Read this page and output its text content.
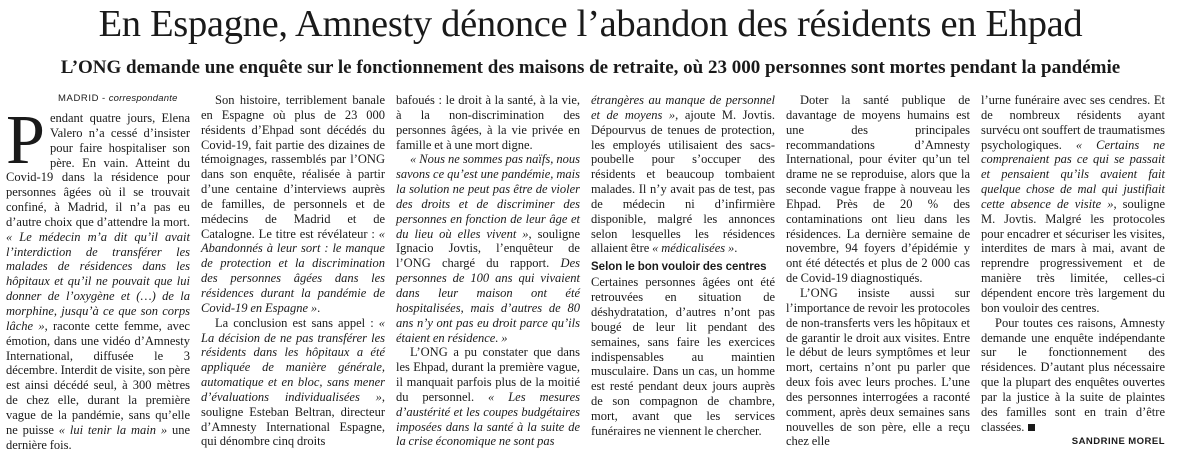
En Espagne, Amnesty dénonce l’abandon des résidents en Ehpad
L’ONG demande une enquête sur le fonctionnement des maisons de retraite, où 23 000 personnes sont mortes pendant la pandémie
MADRID - correspondante

Pendant quatre jours, Elena Valero n’a cessé d’insister pour faire hospitaliser son père. En vain. Atteint du Covid-19 dans la résidence pour personnes âgées où il se trouvait confiné, à Madrid, il n’a pas eu d’autre choix que d’attendre la mort. « Le médecin m’a dit qu’il avait l’interdiction de transférer les malades de résidences dans les hôpitaux et qu’il ne pouvait que lui donner de l’oxygène et (…) de la morphine, jusqu’à ce que son corps lâche », raconte cette femme, avec émotion, dans une vidéo d’Amnesty International, diffusée le 3 décembre. Interdit de visite, son père est ainsi décédé seul, à 300 mètres de chez elle, durant la première vague de la pandémie, sans qu’elle ne puisse « lui tenir la main » une dernière fois.

Son histoire, terriblement banale en Espagne où plus de 23 000 résidents d’Ehpad sont décédés du Covid-19, fait partie des dizaines de témoignages, rassemblés par l’ONG dans son enquête, réalisée à partir d’une centaine d’interviews auprès de familles, de personnels et de médecins de Madrid et de Catalogne. Le titre est révélateur : « Abandonnés à leur sort : le manque de protection et la discrimination des personnes âgées dans les résidences durant la pandémie de Covid-19 en Espagne ».

La conclusion est sans appel : « La décision de ne pas transférer les résidents dans les hôpitaux a été appliquée de manière générale, automatique et en bloc, sans mener d’évaluations individualisées », souligne Esteban Beltran, directeur d’Amnesty International Espagne, qui dénombre cinq droits

bafoués : le droit à la santé, à la vie, à la non-discrimination des personnes âgées, à la vie privée en famille et à une mort digne.

« Nous ne sommes pas naïfs, nous savons ce qu’est une pandémie, mais la solution ne peut pas être de violer des droits et de discriminer des personnes en fonction de leur âge et du lieu où elles vivent », souligne Ignacio Jovtis, l’enquêteur de l’ONG chargé du rapport. Des personnes de 100 ans qui vivaient dans leur maison ont été hospitalisées, mais d’autres de 80 ans n’y ont pas eu droit parce qu’ils étaient en résidence. »

L’ONG a pu constater que dans les Ehpad, durant la première vague, il manquait parfois plus de la moitié du personnel. « Les mesures d’austérité et les coupes budgétaires imposées dans la santé à la suite de la crise économique ne sont pas

étrangères au manque de personnel et de moyens », ajoute M. Jovtis. Dépourvus de tenues de protection, les employés utilisaient des sacs-poubelle pour s’occuper des résidents et beaucoup tombaient malades. Il n’y avait pas de test, pas de médecin ni d’infirmière disponible, malgré les annonces selon lesquelles les résidences allaient être « médicalisées ».

Selon le bon vouloir des centres

Certaines personnes âgées ont été retrouvées en situation de déshydratation, d’autres n’ont pas bougé de leur lit pendant des semaines, sans faire les exercices indispensables au maintien musculaire. Dans un cas, un homme est resté pendant deux jours auprès de son compagnon de chambre, mort, avant que les services funéraires ne viennent le chercher.

Doter la santé publique de davantage de moyens humains est une des principales recommandations d’Amnesty International, pour éviter qu’un tel drame ne se reproduise, alors que la seconde vague frappe à nouveau les Ehpad. Près de 20 % des contaminations ont lieu dans les résidences. La dernière semaine de novembre, 94 foyers d’épidémie y ont été détectés et plus de 2 000 cas de Covid-19 diagnostiqués.

L’ONG insiste aussi sur l’importance de revoir les protocoles de non-transferts vers les hôpitaux et de garantir le droit aux visites. Entre le début de leurs symptômes et leur mort, certains n’ont pu parler que deux fois avec leurs proches. L’une des personnes interrogées a raconté comment, après deux semaines sans nouvelles de son père, elle a reçu chez elle

l’urne funéraire avec ses cendres. Et de nombreux résidents ayant survécu ont souffert de traumatismes psychologiques. « Certains ne comprenaient pas ce qui se passait et pensaient qu’ils avaient fait quelque chose de mal qui justifiait cette absence de visite », souligne M. Jovtis. Malgré les protocoles pour encadrer et sécuriser les visites, interdites de mars à mai, avant de reprendre progressivement et de manière très limitée, celles-ci dépendent encore très largement du bon vouloir des centres.

Pour toutes ces raisons, Amnesty demande une enquête indépendante sur le fonctionnement des résidences. D’autant plus nécessaire que la plupart des enquêtes ouvertes par la justice à la suite de plaintes des familles sont en train d’être classées.

SANDRINE MOREL
